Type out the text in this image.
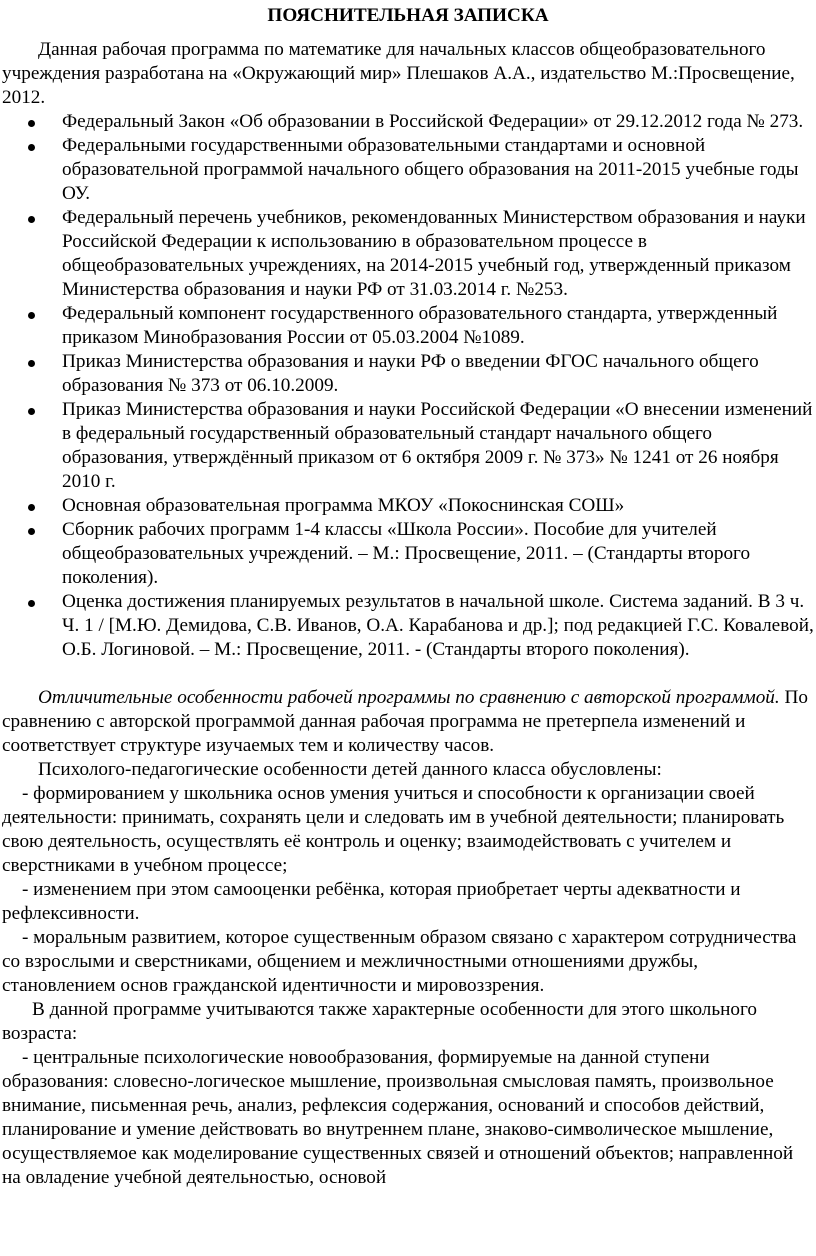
ПОЯСНИТЕЛЬНАЯ ЗАПИСКА

Данная рабочая программа по математике для начальных классов общеобразовательного учреждения разработана на «Окружающий мир» Плешаков А.А., издательство М.:Просвещение, 2012.

Федеральный Закон «Об образовании в Российской Федерации» от 29.12.2012 года № 273.
Федеральными государственными образовательными стандартами и основной образовательной программой начального общего образования на 2011-2015 учебные годы ОУ.
Федеральный перечень учебников, рекомендованных Министерством образования и науки Российской Федерации к использованию в образовательном процессе в общеобразовательных учреждениях, на 2014-2015 учебный год, утвержденный приказом Министерства образования и науки РФ от 31.03.2014 г. №253.
Федеральный компонент государственного образовательного стандарта, утвержденный приказом Минобразования России от 05.03.2004 №1089.
Приказ Министерства образования и науки РФ о введении ФГОС начального общего образования № 373 от 06.10.2009.
Приказ Министерства образования и науки Российской Федерации «О внесении изменений в федеральный государственный образовательный стандарт начального общего образования, утверждённый приказом от 6 октября 2009 г. № 373» № 1241 от 26 ноября 2010 г.
Основная образовательная программа МКОУ «Покоснинская СОШ»
Сборник рабочих программ 1-4 классы «Школа России». Пособие для учителей общеобразовательных учреждений. – М.: Просвещение, 2011. – (Стандарты второго поколения).
Оценка достижения планируемых результатов в начальной школе. Система заданий. В 3 ч. Ч. 1 / [М.Ю. Демидова, С.В. Иванов, О.А. Карабанова и др.]; под редакцией Г.С. Ковалевой, О.Б. Логиновой. – М.: Просвещение, 2011. - (Стандарты второго поколения).

Отличительные особенности рабочей программы по сравнению с авторской программой. По сравнению с авторской программой данная рабочая программа не претерпела изменений и соответствует структуре изучаемых тем и количеству часов.

Психолого-педагогические особенности детей данного класса обусловлены:

- формированием у школьника основ умения учиться и способности к организации своей деятельности: принимать, сохранять цели и следовать им в учебной деятельности; планировать свою деятельность, осуществлять её контроль и оценку; взаимодействовать с учителем и сверстниками в учебном процессе;

- изменением при этом самооценки ребёнка, которая приобретает черты адекватности и рефлексивности.

- моральным развитием, которое существенным образом связано с характером сотрудничества со взрослыми и сверстниками, общением и межличностными отношениями дружбы, становлением основ гражданской идентичности и мировоззрения.

В данной программе учитываются также характерные особенности для этого школьного возраста:

- центральные психологические новообразования, формируемые на данной ступени образования: словесно-логическое мышление, произвольная смысловая память, произвольное внимание, письменная речь, анализ, рефлексия содержания, оснований и способов действий, планирование и умение действовать во внутреннем плане, знаково-символическое мышление, осуществляемое как моделирование существенных связей и отношений объектов; направленной на овладение учебной деятельностью, основой
